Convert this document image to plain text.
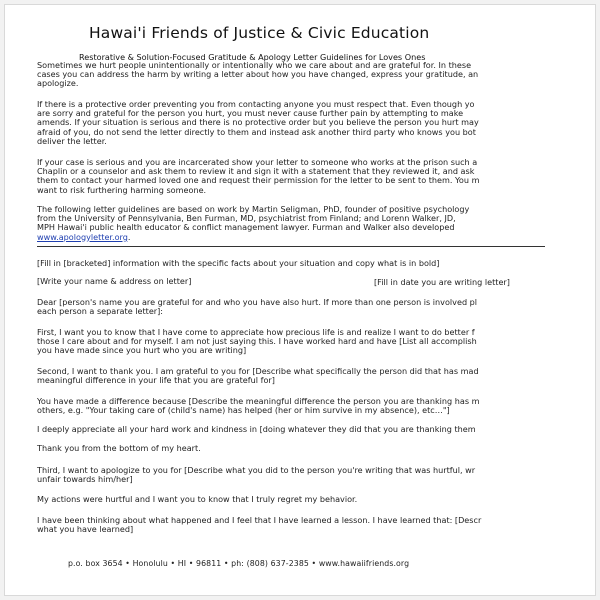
Hawai'i Friends of Justice & Civic Education
Restorative & Solution-Focused Gratitude & Apology Letter Guidelines for Loves Ones
Sometimes we hurt people unintentionally or intentionally who we care about and are grateful for. In these
cases you can address the harm by writing a letter about how you have changed, express your gratitude, an
apologize.
If there is a protective order preventing you from contacting anyone you must respect that. Even though yo
are sorry and grateful for the person you hurt, you must never cause further pain by attempting to make
amends. If your situation is serious and there is no protective order but you believe the person you hurt may
afraid of you, do not send the letter directly to them and instead ask another third party who knows you bot
deliver the letter.
If your case is serious and you are incarcerated show your letter to someone who works at the prison such a
Chaplin or a counselor and ask them to review it and sign it with a statement that they reviewed it, and ask
them to contact your harmed loved one and request their permission for the letter to be sent to them. You m
want to risk furthering harming someone.
The following letter guidelines are based on work by Martin Seligman, PhD, founder of positive psychology
from the University of Pennsylvania, Ben Furman, MD, psychiatrist from Finland; and Lorenn Walker, JD,
MPH Hawai'i public health educator & conflict management lawyer. Furman and Walker also developed
www.apologyletter.org.
[Fill in [bracketed] information with the specific facts about your situation and copy what is in bold]
[Write your name & address on letter]	[Fill in date you are writing letter]
Dear [person's name you are grateful for and who you have also hurt. If more than one person is involved pl
each person a separate letter]:
First, I want you to know that I have come to appreciate how precious life is and realize I want to do better f
those I care about and for myself. I am not just saying this. I have worked hard and have [List all accomplish
you have made since you hurt who you are writing]
Second, I want to thank you. I am grateful to you for [Describe what specifically the person did that has mad
meaningful difference in your life that you are grateful for]
You have made a difference because [Describe the meaningful difference the person you are thanking has m
others, e.g. "Your taking care of (child's name) has helped (her or him survive in my absence), etc…"]
I deeply appreciate all your hard work and kindness in [doing whatever they did that you are thanking them
Thank you from the bottom of my heart.
Third, I want to apologize to you for [Describe what you did to the person you're writing that was hurtful, wr
unfair towards him/her]
My actions were hurtful and I want you to know that I truly regret my behavior.
I have been thinking about what happened and I feel that I have learned a lesson. I have learned that: [Descr
what you have learned]
p.o. box 3654 • Honolulu • HI • 96811 • ph: (808) 637-2385 • www.hawaiifriends.org
